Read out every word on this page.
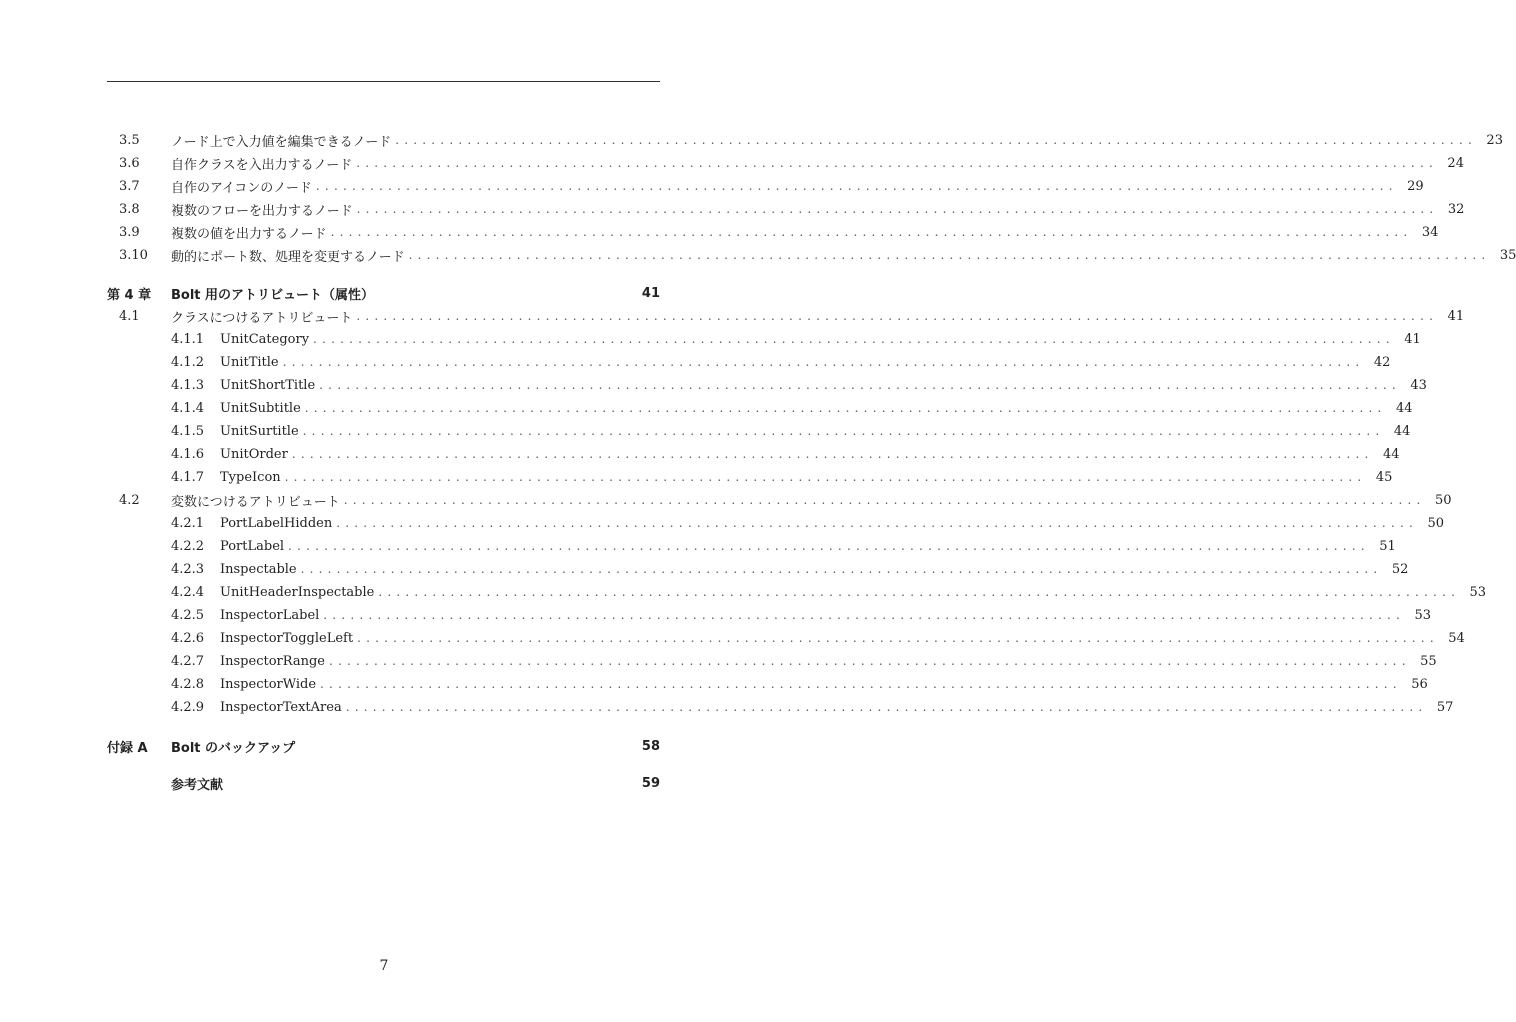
3.5	ノード上で入力値を編集できるノード ........................................................................................................................ 23
3.6	自作クラスを入出力するノード ........................................................................................................................ 24
3.7	自作のアイコンのノード ........................................................................................................................ 29
3.8	複数のフローを出力するノード ........................................................................................................................ 32
3.9	複数の値を出力するノード ........................................................................................................................ 34
3.10	動的にポート数、処理を変更するノード ........................................................................................................................ 35
第 4 章	Bolt 用のアトリビュート（属性）	41
4.1	クラスにつけるアトリビュート ........................................................................................................................ 41
4.1.1	UnitCategory ........................................................................................................................ 41
4.1.2	UnitTitle ........................................................................................................................ 42
4.1.3	UnitShortTitle ........................................................................................................................ 43
4.1.4	UnitSubtitle ........................................................................................................................ 44
4.1.5	UnitSurtitle ........................................................................................................................ 44
4.1.6	UnitOrder ........................................................................................................................ 44
4.1.7	TypeIcon ........................................................................................................................ 45
4.2	変数につけるアトリビュート ........................................................................................................................ 50
4.2.1	PortLabelHidden ........................................................................................................................ 50
4.2.2	PortLabel ........................................................................................................................ 51
4.2.3	Inspectable ........................................................................................................................ 52
4.2.4	UnitHeaderInspectable ........................................................................................................................ 53
4.2.5	InspectorLabel ........................................................................................................................ 53
4.2.6	InspectorToggleLeft ........................................................................................................................ 54
4.2.7	InspectorRange ........................................................................................................................ 55
4.2.8	InspectorWide ........................................................................................................................ 56
4.2.9	InspectorTextArea ........................................................................................................................ 57
付録 A	Bolt のバックアップ	58
参考文献	59
7
